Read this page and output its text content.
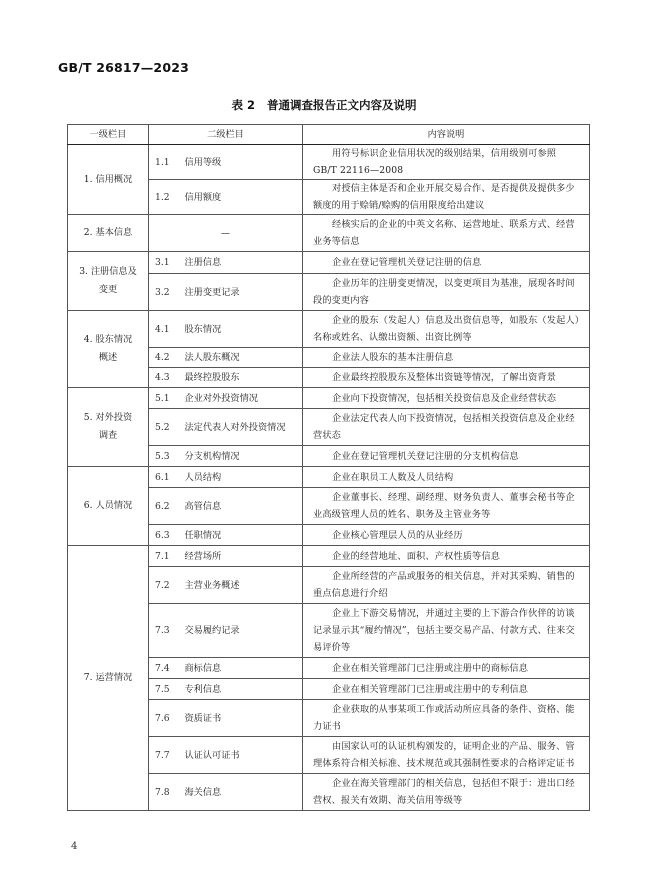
GB/T 26817—2023
表 2   普通调查报告正文内容及说明
一级栏目	二级栏目		内容说明

1. 信用概况	1.1	信用等级	用符号标识企业信用状况的级别结果，信用级别可参照 GB/T 22116—2008
	1.2	信用额度	对授信主体是否和企业开展交易合作、是否提供及提供多少额度的用于赊销/赊购的信用限度给出建议

2. 基本信息	—		经核实后的企业的中英文名称、运营地址、联系方式、经营业务等信息

3. 注册信息及
变更	3.1	注册信息	企业在登记管理机关登记注册的信息
	3.2	注册变更记录	企业历年的注册变更情况，以变更项目为基准，展现各时间段的变更内容

4. 股东情况
概述	4.1	股东情况	企业的股东（发起人）信息及出资信息等，如股东（发起人）名称或姓名、认缴出资额、出资比例等
	4.2	法人股东概况	企业法人股东的基本注册信息
	4.3	最终控股股东	企业最终控股股东及整体出资链等情况，了解出资背景

5. 对外投资
调查	5.1	企业对外投资情况	企业向下投资情况，包括相关投资信息及企业经营状态
	5.2	法定代表人对外投资情况	企业法定代表人向下投资情况，包括相关投资信息及企业经营状态
	5.3	分支机构情况	企业在登记管理机关登记注册的分支机构信息

6. 人员情况	6.1	人员结构	企业在职员工人数及人员结构
	6.2	高管信息	企业董事长、经理、副经理、财务负责人、董事会秘书等企业高级管理人员的姓名、职务及主管业务等
	6.3	任职情况	企业核心管理层人员的从业经历

7. 运营情况	7.1	经营场所	企业的经营地址、面积、产权性质等信息
	7.2	主营业务概述	企业所经营的产品或服务的相关信息，并对其采购、销售的重点信息进行介绍
	7.3	交易履约记录	企业上下游交易情况，并通过主要的上下游合作伙伴的访谈记录显示其“履约情况”，包括主要交易产品、付款方式、往来交易评价等
	7.4	商标信息	企业在相关管理部门已注册或注册中的商标信息
	7.5	专利信息	企业在相关管理部门已注册或注册中的专利信息
	7.6	资质证书	企业获取的从事某项工作或活动所应具备的条件、资格、能力证书
	7.7	认证认可证书	由国家认可的认证机构颁发的，证明企业的产品、服务、管理体系符合相关标准、技术规范或其强制性要求的合格评定证书
	7.8	海关信息	企业在海关管理部门的相关信息，包括但不限于：进出口经营权、报关有效期、海关信用等级等
4
